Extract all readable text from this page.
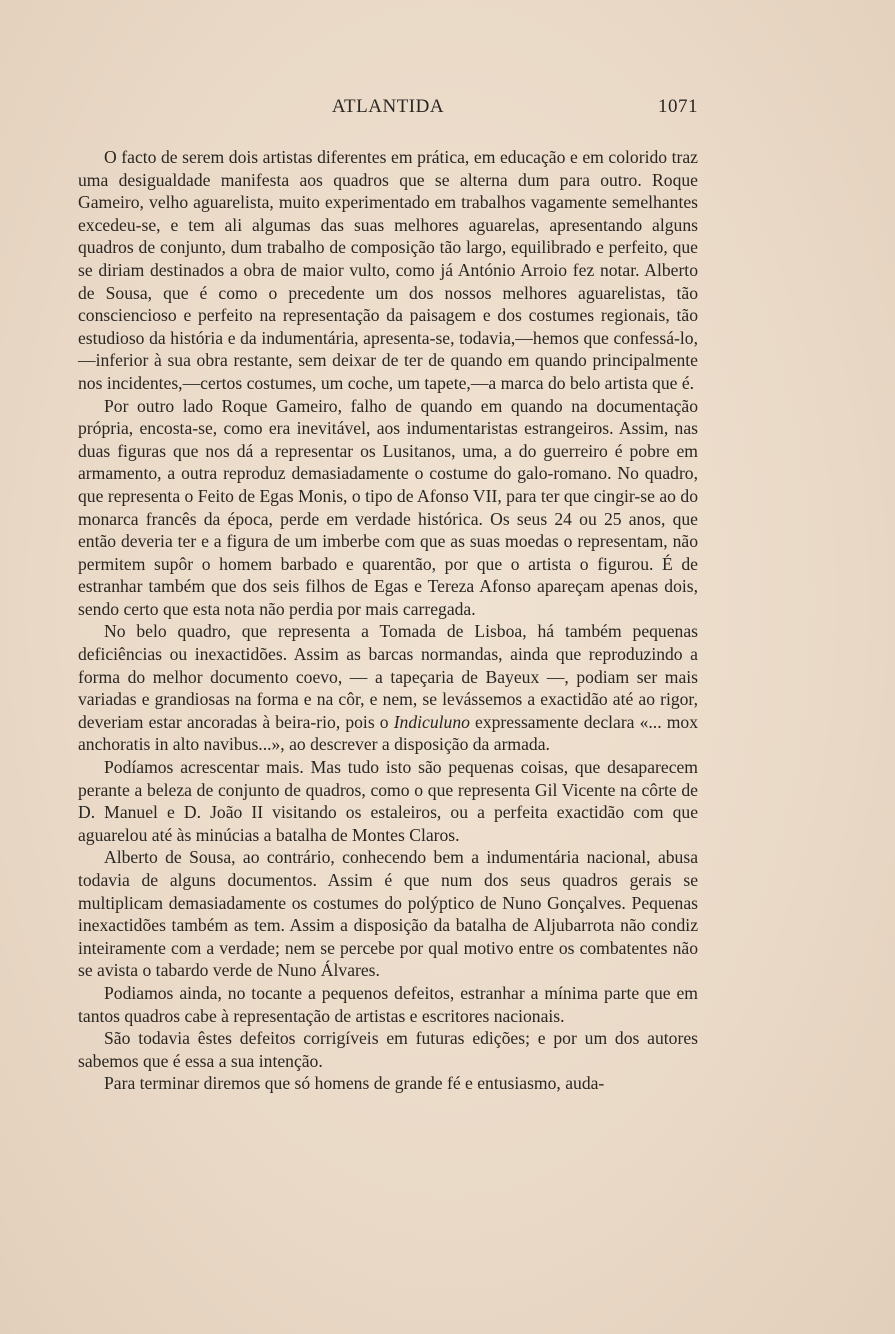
ATLANTIDA	1071

O facto de serem dois artistas diferentes em prática, em educação e em colorido traz uma desigualdade manifesta aos quadros que se alterna dum para outro. Roque Gameiro, velho aguarelista, muito experimentado em trabalhos vagamente semelhantes excedeu-se, e tem ali algumas das suas melhores aguarelas, apresentando alguns quadros de conjunto, dum trabalho de composição tão largo, equilibrado e perfeito, que se diriam destinados a obra de maior vulto, como já António Arroio fez notar. Alberto de Sousa, que é como o precedente um dos nossos melhores aguarelistas, tão consciencioso e perfeito na representação da paisagem e dos costumes regionais, tão estudioso da história e da indumentária, apresenta-se, todavia,—hemos que confessá-lo,—inferior à sua obra restante, sem deixar de ter de quando em quando principalmente nos incidentes,—certos costumes, um coche, um tapete,—a marca do belo artista que é.

Por outro lado Roque Gameiro, falho de quando em quando na documentação própria, encosta-se, como era inevitável, aos indumentaristas estrangeiros. Assim, nas duas figuras que nos dá a representar os Lusitanos, uma, a do guerreiro é pobre em armamento, a outra reproduz demasiadamente o costume do galo-romano. No quadro, que representa o Feito de Egas Monis, o tipo de Afonso VII, para ter que cingir-se ao do monarca francês da época, perde em verdade histórica. Os seus 24 ou 25 anos, que então deveria ter e a figura de um imberbe com que as suas moedas o representam, não permitem supôr o homem barbado e quarentão, por que o artista o figurou. É de estranhar também que dos seis filhos de Egas e Tereza Afonso apareçam apenas dois, sendo certo que esta nota não perdia por mais carregada.

No belo quadro, que representa a Tomada de Lisboa, há também pequenas deficiências ou inexactidões. Assim as barcas normandas, ainda que reproduzindo a forma do melhor documento coevo, — a tapeçaria de Bayeux —, podiam ser mais variadas e grandiosas na forma e na côr, e nem, se levássemos a exactidão até ao rigor, deveriam estar ancoradas à beira-rio, pois o Indiculuno expressamente declara «... mox anchoratis in alto navibus...», ao descrever a disposição da armada.

Podíamos acrescentar mais. Mas tudo isto são pequenas coisas, que desaparecem perante a beleza de conjunto de quadros, como o que representa Gil Vicente na côrte de D. Manuel e D. João II visitando os estaleiros, ou a perfeita exactidão com que aguarelou até às minúcias a batalha de Montes Claros.

Alberto de Sousa, ao contrário, conhecendo bem a indumentária nacional, abusa todavia de alguns documentos. Assim é que num dos seus quadros gerais se multiplicam demasiadamente os costumes do polýptico de Nuno Gonçalves. Pequenas inexactidões também as tem. Assim a disposição da batalha de Aljubarrota não condiz inteiramente com a verdade; nem se percebe por qual motivo entre os combatentes não se avista o tabardo verde de Nuno Álvares.

Podiamos ainda, no tocante a pequenos defeitos, estranhar a mínima parte que em tantos quadros cabe à representação de artistas e escritores nacionais.

São todavia êstes defeitos corrigíveis em futuras edições; e por um dos autores sabemos que é essa a sua intenção.

Para terminar diremos que só homens de grande fé e entusiasmo, auda-
